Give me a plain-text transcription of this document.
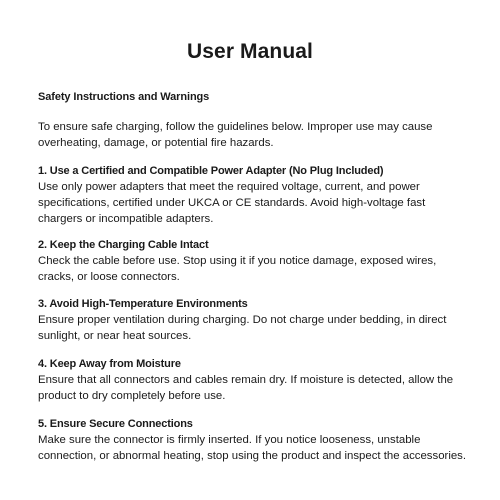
User Manual
Safety Instructions and Warnings
To ensure safe charging, follow the guidelines below. Improper use may cause overheating, damage, or potential fire hazards.
1. Use a Certified and Compatible Power Adapter (No Plug Included)
Use only power adapters that meet the required voltage, current, and power specifications, certified under UKCA or CE standards. Avoid high-voltage fast chargers or incompatible adapters.
2. Keep the Charging Cable Intact
Check the cable before use. Stop using it if you notice damage, exposed wires, cracks, or loose connectors.
3. Avoid High-Temperature Environments
Ensure proper ventilation during charging. Do not charge under bedding, in direct sunlight, or near heat sources.
4. Keep Away from Moisture
Ensure that all connectors and cables remain dry. If moisture is detected, allow the product to dry completely before use.
5. Ensure Secure Connections
Make sure the connector is firmly inserted. If you notice looseness, unstable connection, or abnormal heating, stop using the product and inspect the accessories.
